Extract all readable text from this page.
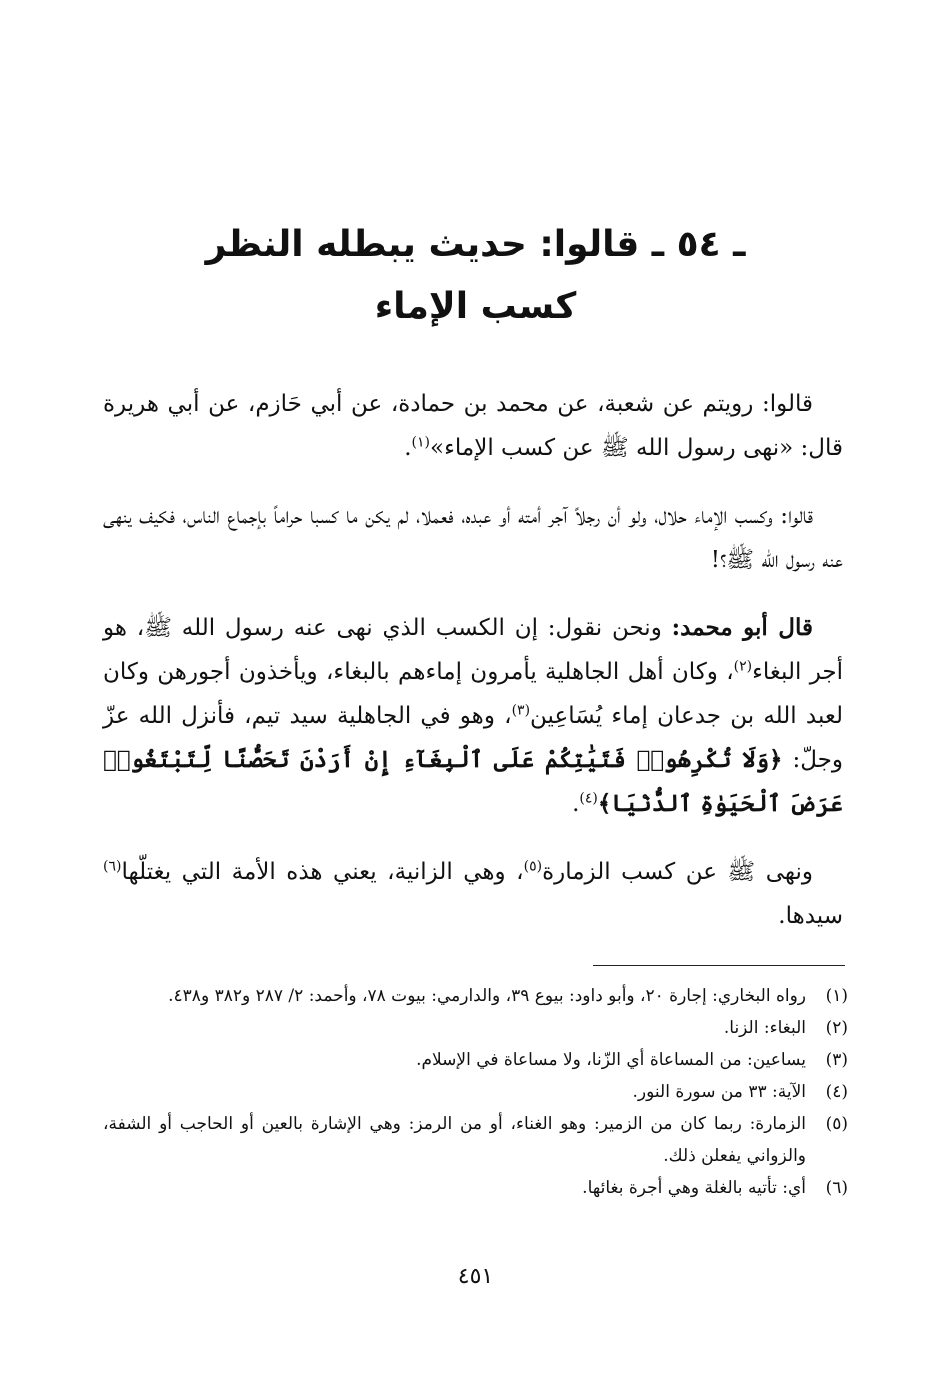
ـ ٥٤ ـ قالوا: حديث يبطله النظر
كسب الإماء

قالوا: رويتم عن شعبة، عن محمد بن حمادة، عن أبي حَازم، عن أبي هريرة قال: «نهى رسول الله ﷺ عن كسب الإماء»$^{(١)}$.

قالوا: وكسب الإماء حلال، ولو أن رجلاً آجر أمته أو عبده، فعملا، لم يكن ما كسبا حراماً بإجماع الناس، فكيف ينهى عنه رسول الله ﷺ؟!

قال أبو محمد: ونحن نقول: إن الكسب الذي نهى عنه رسول الله ﷺ، هو أجر البغاء$^{(٢)}$، وكان أهل الجاهلية يأمرون إماءهم بالبغاء، ويأخذون أجورهن وكان لعبد الله بن جدعان إماء يُسَاعِين$^{(٣)}$، وهو في الجاهلية سيد تيم، فأنزل الله عزّ وجلّ: ﴿وَلَا تُكْرِهُوا۟ فَتَيَٰتِكُمْ عَلَى ٱلْبِغَآءِ إِنْ أَرَدْنَ تَحَصُّنًا لِّتَبْتَغُوا۟ عَرَضَ ٱلْحَيَوٰةِ ٱلدُّنْيَا﴾$^{(٤)}$.

ونهى ﷺ عن كسب الزمارة$^{(٥)}$، وهي الزانية، يعني هذه الأمة التي يغتلّها$^{(٦)}$ سيدها.

(١)
رواه البخاري: إجارة ٢٠، وأبو داود: بيوع ٣٩، والدارمي: بيوت ٧٨، وأحمد: ٢/ ٢٨٧ و٣٨٢ و٤٣٨.
(٢)
البغاء: الزنا.
(٣)
يساعين: من المساعاة أي الزّنا، ولا مساعاة في الإسلام.
(٤)
الآية: ٣٣ من سورة النور.
(٥)
الزمارة: ربما كان من الزمير: وهو الغناء، أو من الرمز: وهي الإشارة بالعين أو الحاجب أو الشفة، والزواني يفعلن ذلك.
(٦)
أي: تأتيه بالغلة وهي أجرة بغائها.
٤٥١
